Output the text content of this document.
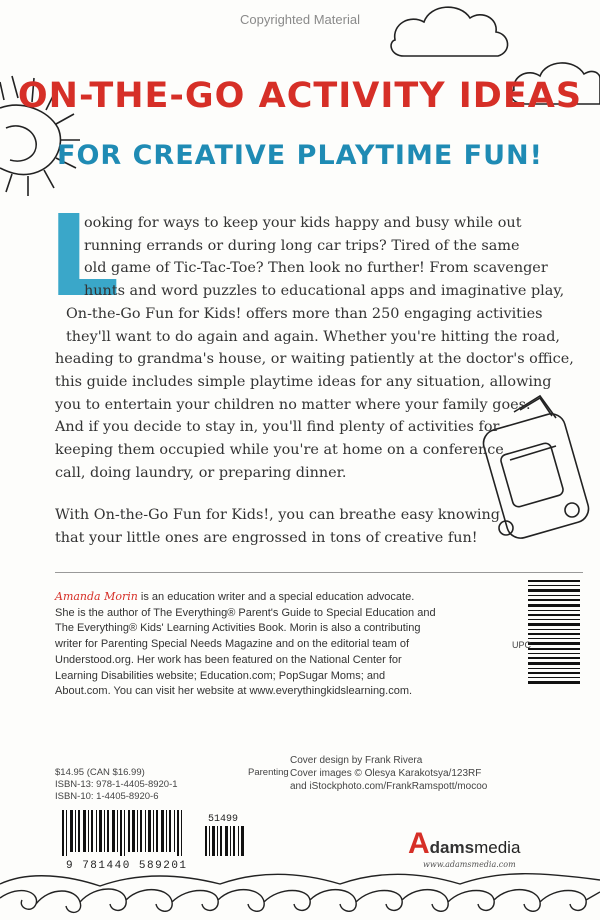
Copyrighted Material
ON-THE-GO ACTIVITY IDEAS
FOR CREATIVE PLAYTIME FUN!
L

ooking for ways to keep your kids happy and busy while out

running errands or during long car trips? Tired of the same

old game of Tic-Tac-Toe? Then look no further! From scavenger

hunts and word puzzles to educational apps and imaginative play,

On-the-Go Fun for Kids! offers more than 250 engaging activities

they'll want to do again and again. Whether you're hitting the road,

heading to grandma's house, or waiting patiently at the doctor's office,

this guide includes simple playtime ideas for any situation, allowing

you to entertain your children no matter where your family goes.

And if you decide to stay in, you'll find plenty of activities for

keeping them occupied while you're at home on a conference

call, doing laundry, or preparing dinner.

With On-the-Go Fun for Kids!, you can breathe easy knowing

that your little ones are engrossed in tons of creative fun!

Amanda Morin is an education writer and a special education advocate.

She is the author of The Everything® Parent's Guide to Special Education and

The Everything® Kids' Learning Activities Book. Morin is also a contributing

writer for Parenting Special Needs Magazine and on the editorial team of

Understood.org. Her work has been featured on the National Center for

Learning Disabilities website; Education.com; PopSugar Moms; and

About.com. You can visit her website at www.everythingkidslearning.com.

UPC

$14.95 (CAN $16.99)

ISBN-13: 978-1-4405-8920-1

ISBN-10: 1-4405-8920-6

Parenting

Cover design by Frank Rivera

Cover images © Olesya Karakotsya/123RF

and iStockphoto.com/FrankRamspott/mocoo

51499
9 781440 589201
Adamsmedia
www.adamsmedia.com
